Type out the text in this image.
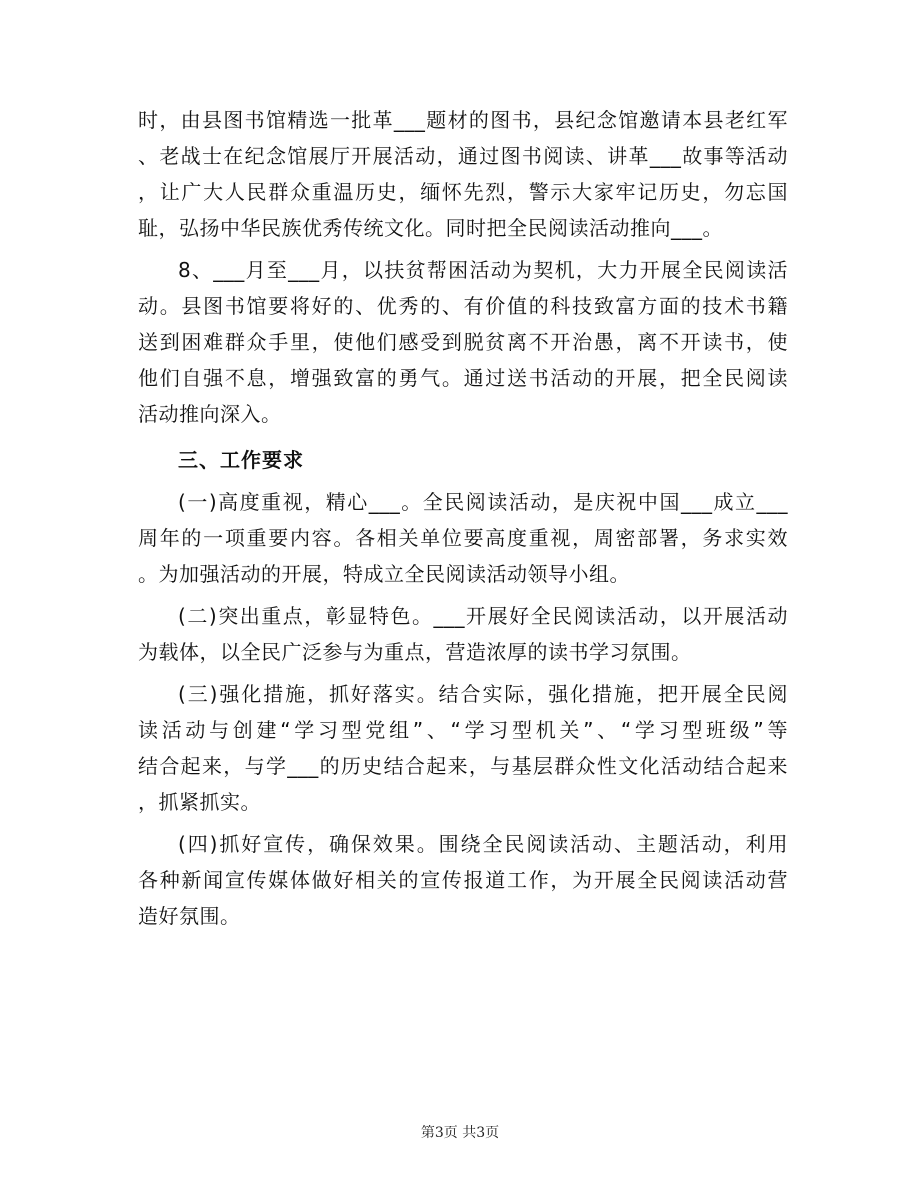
时，由县图书馆精选一批革___题材的图书，县纪念馆邀请本县老红军
、老战士在纪念馆展厅开展活动，通过图书阅读、讲革___故事等活动
，让广大人民群众重温历史，缅怀先烈，警示大家牢记历史，勿忘国
耻，弘扬中华民族优秀传统文化。同时把全民阅读活动推向___。

8、___月至___月，以扶贫帮困活动为契机，大力开展全民阅读活
动。县图书馆要将好的、优秀的、有价值的科技致富方面的技术书籍
送到困难群众手里，使他们感受到脱贫离不开治愚，离不开读书，使
他们自强不息，增强致富的勇气。通过送书活动的开展，把全民阅读
活动推向深入。

三、工作要求

(一)高度重视，精心___。全民阅读活动，是庆祝中国___成立___
周年的一项重要内容。各相关单位要高度重视，周密部署，务求实效
。为加强活动的开展，特成立全民阅读活动领导小组。

(二)突出重点，彰显特色。___开展好全民阅读活动，以开展活动
为载体，以全民广泛参与为重点，营造浓厚的读书学习氛围。

(三)强化措施，抓好落实。结合实际，强化措施，把开展全民阅
读活动与创建“学习型党组”、“学习型机关”、“学习型班级”等
结合起来，与学___的历史结合起来，与基层群众性文化活动结合起来
，抓紧抓实。

(四)抓好宣传，确保效果。围绕全民阅读活动、主题活动，利用
各种新闻宣传媒体做好相关的宣传报道工作，为开展全民阅读活动营
造好氛围。

第3页 共3页
